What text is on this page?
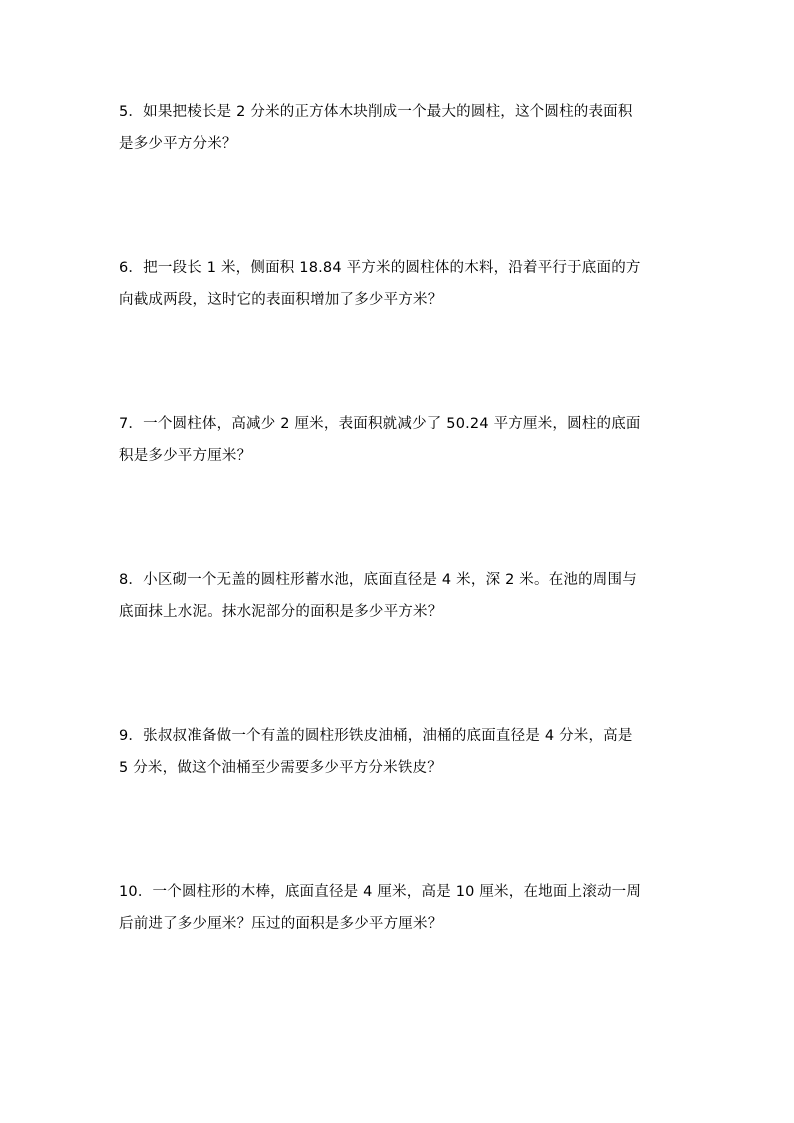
5．如果把棱长是 2 分米的正方体木块削成一个最大的圆柱，这个圆柱的表面积
是多少平方分米？

6．把一段长 1 米，侧面积 18.84 平方米的圆柱体的木料，沿着平行于底面的方
向截成两段，这时它的表面积增加了多少平方米？

7．一个圆柱体，高减少 2 厘米，表面积就减少了 50.24 平方厘米，圆柱的底面
积是多少平方厘米？

8．小区砌一个无盖的圆柱形蓄水池，底面直径是 4 米，深 2 米。在池的周围与
底面抹上水泥。抹水泥部分的面积是多少平方米？

9．张叔叔准备做一个有盖的圆柱形铁皮油桶，油桶的底面直径是 4 分米，高是
5 分米，做这个油桶至少需要多少平方分米铁皮？

10．一个圆柱形的木棒，底面直径是 4 厘米，高是 10 厘米，在地面上滚动一周
后前进了多少厘米？压过的面积是多少平方厘米？
